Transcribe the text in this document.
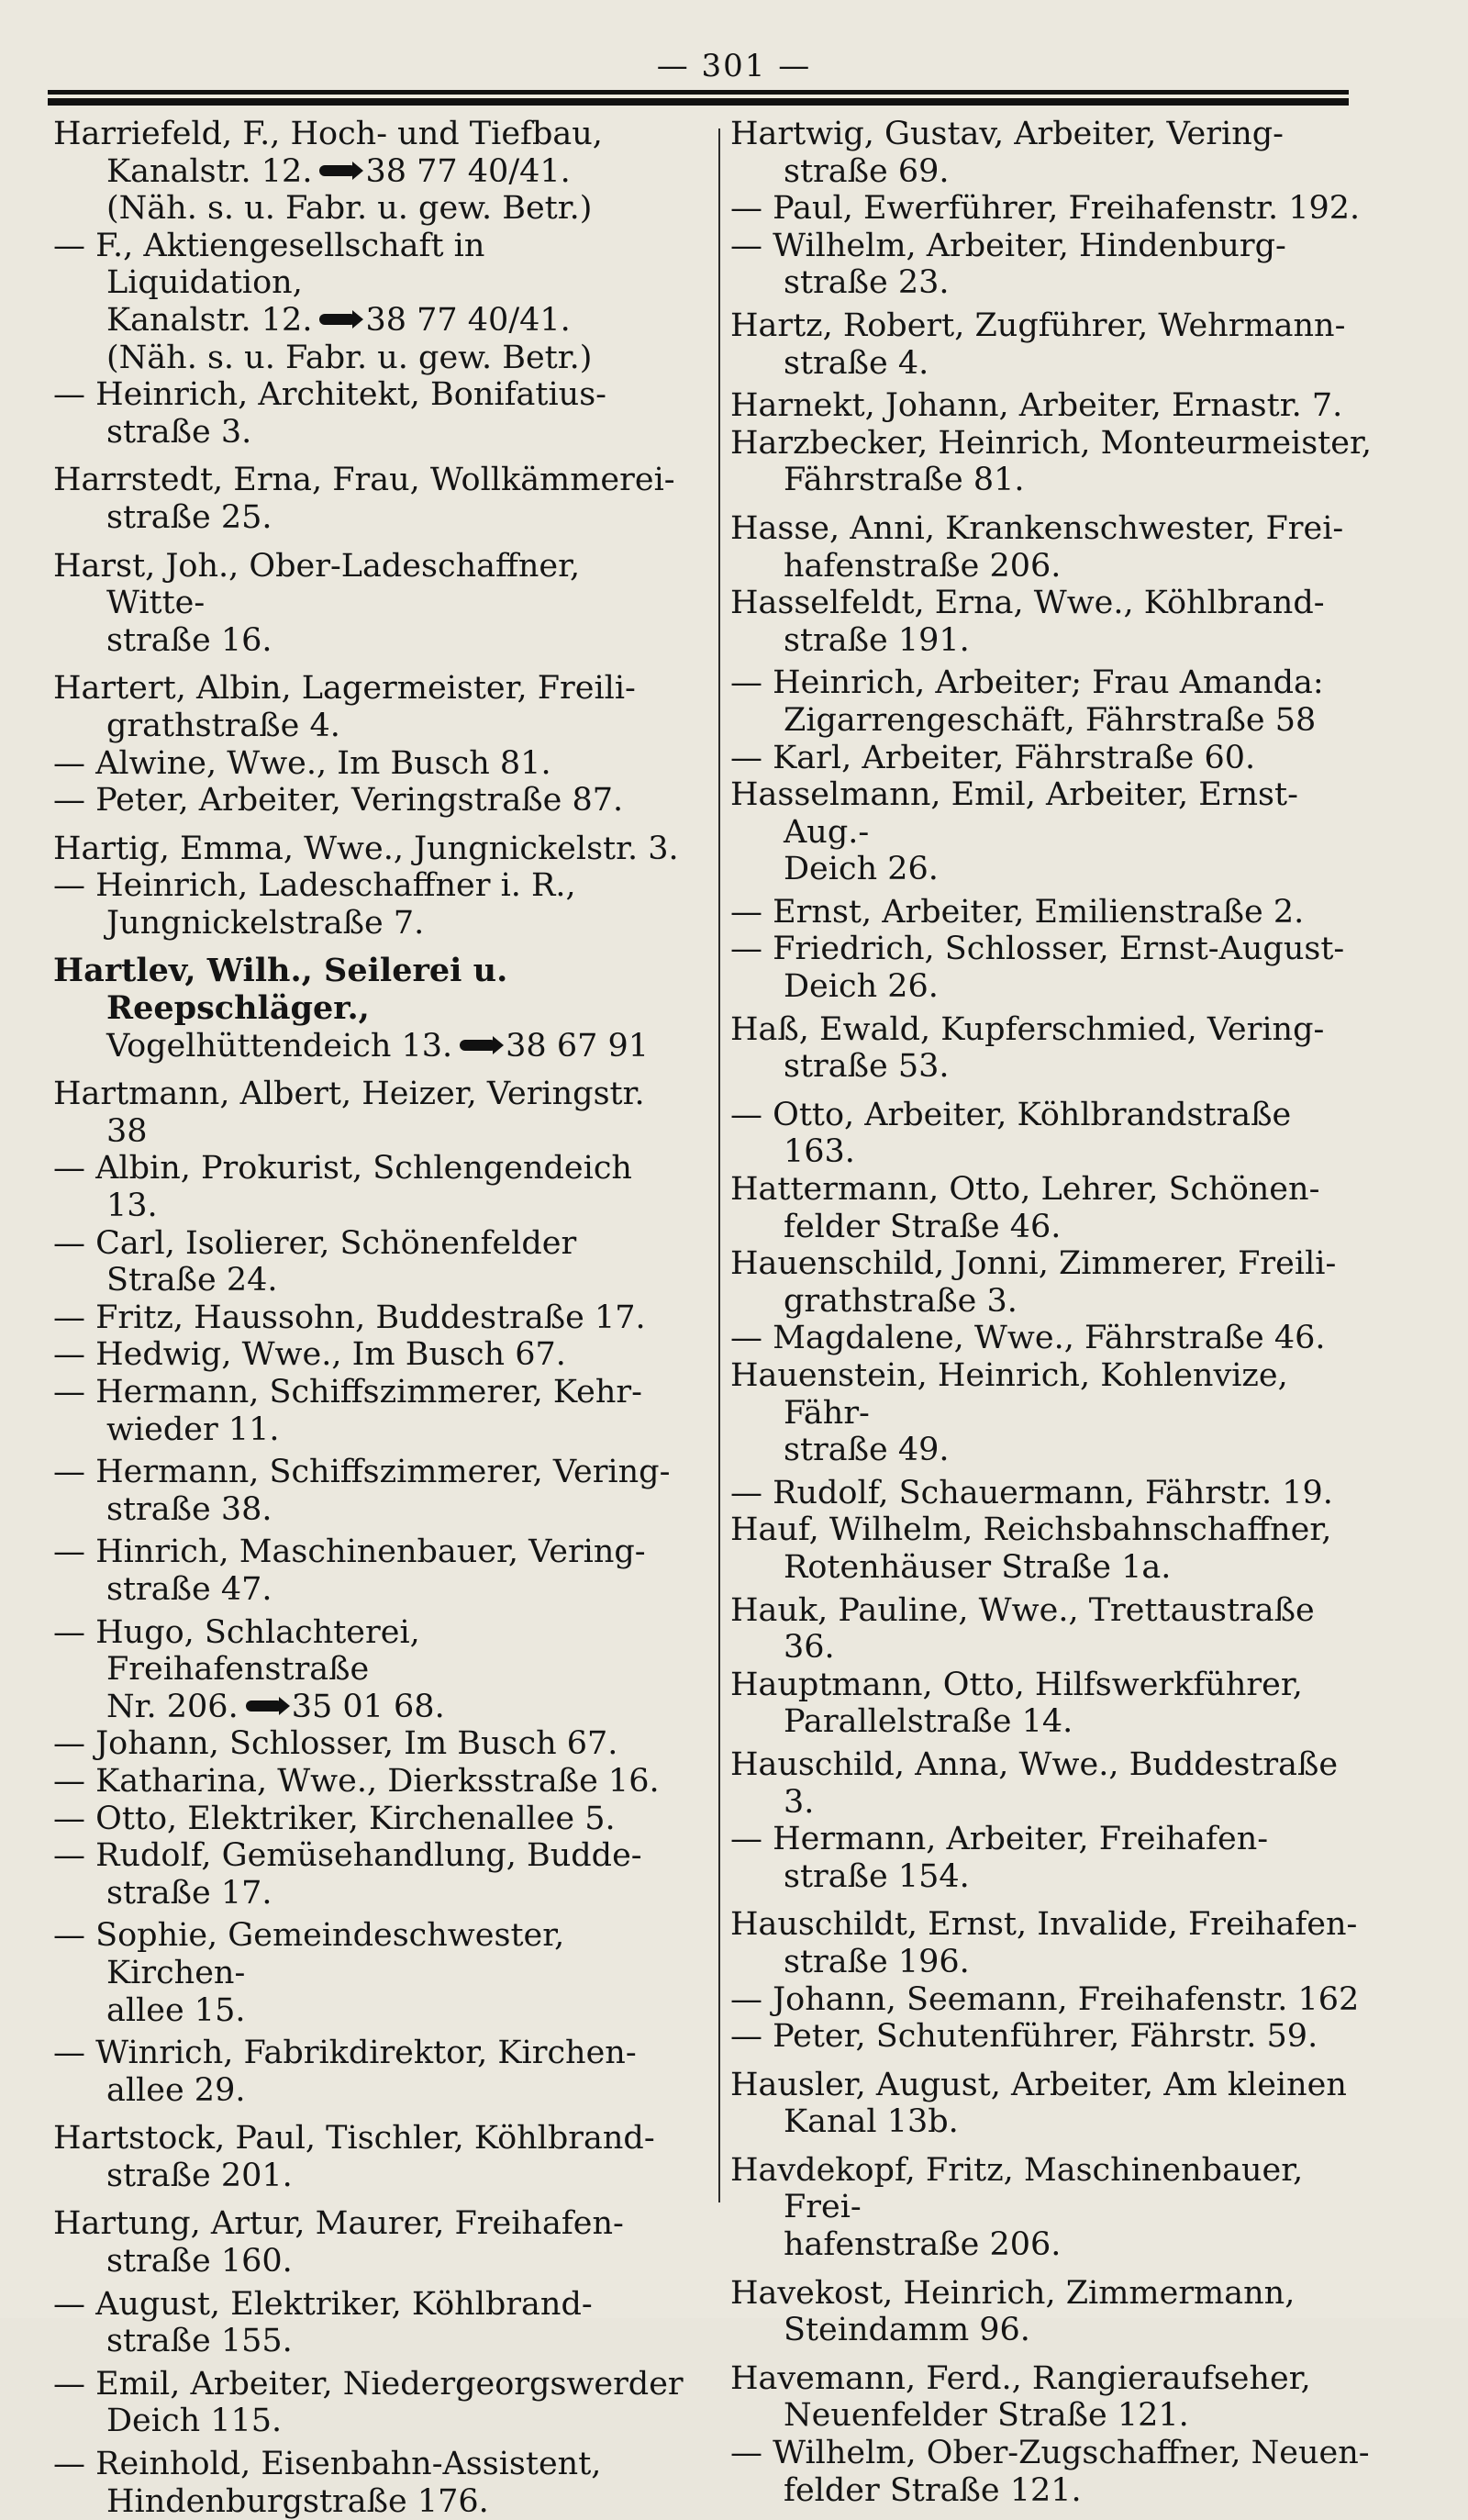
— 301 —
Harriefeld, F., Hoch- und Tiefbau,
Kanalstr. 12. 38 77 40/41.
(Näh. s. u. Fabr. u. gew. Betr.)
— F., Aktiengesellschaft in Liquidation,
Kanalstr. 12. 38 77 40/41.
(Näh. s. u. Fabr. u. gew. Betr.)
— Heinrich, Architekt, Bonifatius-
straße 3.
Harrstedt, Erna, Frau, Wollkämmerei-
straße 25.
Harst, Joh., Ober-Ladeschaffner, Witte-
straße 16.
Hartert, Albin, Lagermeister, Freili-
grathstraße 4.
— Alwine, Wwe., Im Busch 81.
— Peter, Arbeiter, Veringstraße 87.
Hartig, Emma, Wwe., Jungnickelstr. 3.
— Heinrich, Ladeschaffner i. R.,
Jungnickelstraße 7.
Hartlev, Wilh., Seilerei u. Reepschläger.,
Vogelhüttendeich 13. 38 67 91
Hartmann, Albert, Heizer, Veringstr. 38
— Albin, Prokurist, Schlengendeich 13.
— Carl, Isolierer, Schönenfelder
Straße 24.
— Fritz, Haussohn, Buddestraße 17.
— Hedwig, Wwe., Im Busch 67.
— Hermann, Schiffszimmerer, Kehr-
wieder 11.
— Hermann, Schiffszimmerer, Vering-
straße 38.
— Hinrich, Maschinenbauer, Vering-
straße 47.
— Hugo, Schlachterei, Freihafenstraße
Nr. 206. 35 01 68.
— Johann, Schlosser, Im Busch 67.
— Katharina, Wwe., Dierksstraße 16.
— Otto, Elektriker, Kirchenallee 5.
— Rudolf, Gemüsehandlung, Budde-
straße 17.
— Sophie, Gemeindeschwester, Kirchen-
allee 15.
— Winrich, Fabrikdirektor, Kirchen-
allee 29.
Hartstock, Paul, Tischler, Köhlbrand-
straße 201.
Hartung, Artur, Maurer, Freihafen-
straße 160.
— August, Elektriker, Köhlbrand-
straße 155.
— Emil, Arbeiter, Niedergeorgswerder
Deich 115.
— Reinhold, Eisenbahn-Assistent,
Hindenburgstraße 176.
Hartwig, Gustav, Arbeiter, Vering-
straße 69.
— Paul, Ewerführer, Freihafenstr. 192.
— Wilhelm, Arbeiter, Hindenburg-
straße 23.
Hartz, Robert, Zugführer, Wehrmann-
straße 4.
Harnekt, Johann, Arbeiter, Ernastr. 7.
Harzbecker, Heinrich, Monteurmeister,
Fährstraße 81.
Hasse, Anni, Krankenschwester, Frei-
hafenstraße 206.
Hasselfeldt, Erna, Wwe., Köhlbrand-
straße 191.
— Heinrich, Arbeiter; Frau Amanda:
Zigarrengeschäft, Fährstraße 58
— Karl, Arbeiter, Fährstraße 60.
Hasselmann, Emil, Arbeiter, Ernst-Aug.-
Deich 26.
— Ernst, Arbeiter, Emilienstraße 2.
— Friedrich, Schlosser, Ernst-August-
Deich 26.
Haß, Ewald, Kupferschmied, Vering-
straße 53.
— Otto, Arbeiter, Köhlbrandstraße 163.
Hattermann, Otto, Lehrer, Schönen-
felder Straße 46.
Hauenschild, Jonni, Zimmerer, Freili-
grathstraße 3.
— Magdalene, Wwe., Fährstraße 46.
Hauenstein, Heinrich, Kohlenvize, Fähr-
straße 49.
— Rudolf, Schauermann, Fährstr. 19.
Hauf, Wilhelm, Reichsbahnschaffner,
Rotenhäuser Straße 1a.
Hauk, Pauline, Wwe., Trettaustraße 36.
Hauptmann, Otto, Hilfswerkführer,
Parallelstraße 14.
Hauschild, Anna, Wwe., Buddestraße 3.
— Hermann, Arbeiter, Freihafen-
straße 154.
Hauschildt, Ernst, Invalide, Freihafen-
straße 196.
— Johann, Seemann, Freihafenstr. 162
— Peter, Schutenführer, Fährstr. 59.
Hausler, August, Arbeiter, Am kleinen
Kanal 13b.
Havdekopf, Fritz, Maschinenbauer, Frei-
hafenstraße 206.
Havekost, Heinrich, Zimmermann,
Steindamm 96.
Havemann, Ferd., Rangieraufseher,
Neuenfelder Straße 121.
— Wilhelm, Ober-Zugschaffner, Neuen-
felder Straße 121.
